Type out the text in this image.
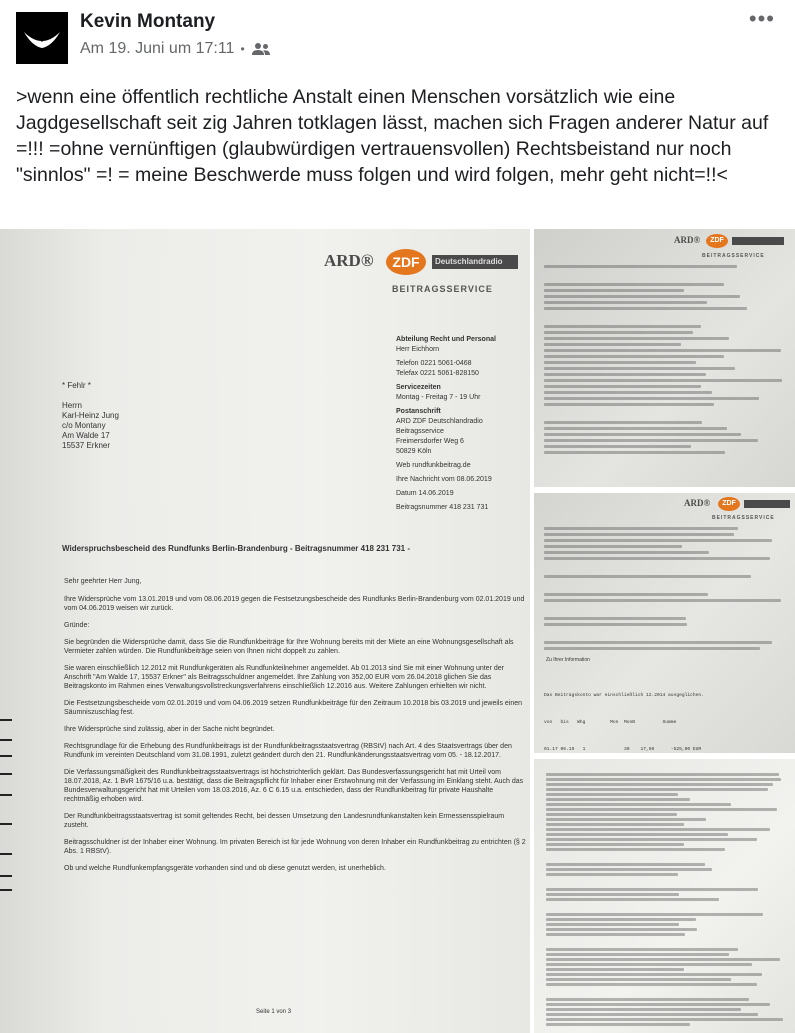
Kevin Montany
Am 19. Juni um 17:11 •
•••
>wenn eine öffentlich rechtliche Anstalt einen Menschen vorsätzlich wie eine Jagdgesellschaft seit zig Jahren totklagen lässt, machen sich Fragen anderer Natur auf =!!! =ohne vernünftigen (glaubwürdigen vertrauensvollen) Rechtsbeistand nur noch "sinnlos" =! = meine Beschwerde muss folgen und wird folgen, mehr geht nicht=!!<
ARD®	ZDF	Deutschlandradio
BEITRAGSSERVICE
Abteilung Recht und Personal
Herr Eichhorn
Telefon 0221 5061-0468
Telefax 0221 5061-828150
Servicezeiten
Montag - Freitag 7 - 19 Uhr
Postanschrift
ARD ZDF Deutschlandradio
Beitragsservice
Freimersdorfer Weg 6
50829 Köln
Web rundfunkbeitrag.de
Ihre Nachricht vom 08.06.2019
Datum 14.06.2019
Beitragsnummer 418 231 731
* Fehlr *
Herrn
Karl-Heinz Jung
c/o Montany
Am Walde 17
15537 Erkner
Widerspruchsbescheid des Rundfunks Berlin-Brandenburg - Beitragsnummer 418 231 731 -
Sehr geehrter Herr Jung,
Ihre Widersprüche vom 13.01.2019 und vom 08.06.2019 gegen die Festsetzungsbescheide des Rundfunks Berlin-Brandenburg vom 02.01.2019 und vom 04.06.2019 weisen wir zurück.
Gründe:
Sie begründen die Widersprüche damit, dass Sie die Rundfunkbeiträge für Ihre Wohnung bereits mit der Miete an eine Wohnungsgesellschaft als Vermieter zahlen würden. Die Rundfunkbeiträge seien von Ihnen nicht doppelt zu zahlen.
Sie waren einschließlich 12.2012 mit Rundfunkgeräten als Rundfunkteilnehmer angemeldet. Ab 01.2013 sind Sie mit einer Wohnung unter der Anschrift "Am Walde 17, 15537 Erkner" als Beitragsschuldner angemeldet. Ihre Zahlung von 352,00 EUR vom 26.04.2018 glichen Sie das Beitragskonto im Rahmen eines Verwaltungsvollstreckungsverfahrens einschließlich 12.2016 aus. Weitere Zahlungen erhielten wir nicht.
Die Festsetzungsbescheide vom 02.01.2019 und vom 04.06.2019 setzen Rundfunkbeiträge für den Zeitraum 10.2018 bis 03.2019 und jeweils einen Säumniszuschlag fest.
Ihre Widersprüche sind zulässig, aber in der Sache nicht begründet.
Rechtsgrundlage für die Erhebung des Rundfunkbeitrags ist der Rundfunkbeitragsstaatsvertrag (RBStV) nach Art. 4 des Staatsvertrags über den Rundfunk im vereinten Deutschland vom 31.08.1991, zuletzt geändert durch den 21. Rundfunkänderungsstaatsvertrag vom 05. - 18.12.2017.
Die Verfassungsmäßigkeit des Rundfunkbeitragsstaatsvertrags ist höchstrichterlich geklärt. Das Bundesverfassungsgericht hat mit Urteil vom 18.07.2018, Az. 1 BvR 1675/16 u.a. bestätigt, dass die Beitragspflicht für Inhaber einer Erstwohnung mit der Verfassung im Einklang steht. Auch das Bundesverwaltungsgericht hat mit Urteilen vom 18.03.2016, Az. 6 C 6.15 u.a. entschieden, dass der Rundfunkbeitrag für private Haushalte rechtmäßig erhoben wird.
Der Rundfunkbeitragsstaatsvertrag ist somit geltendes Recht, bei dessen Umsetzung den Landesrundfunkanstalten kein Ermessensspielraum zusteht.
Beitragsschuldner ist der Inhaber einer Wohnung. Im privaten Bereich ist für jede Wohnung von deren Inhaber ein Rundfunkbeitrag zu entrichten (§ 2 Abs. 1 RBStV).
Ob und welche Rundfunkempfangsgeräte vorhanden sind und ob diese genutzt werden, ist unerheblich.
Seite 1 von 3
ARD®	ZDF
BEITRAGSSERVICE
ARD®	ZDF
BEITRAGSSERVICE
Zu Ihrer Information

Das Beitragskonto war einschließlich 12.2014 ausgeglichen.

von   bis   Whg         Mon  MonB          Summe

01.17 06.19   1              30    17,50      -525,00 EUR
